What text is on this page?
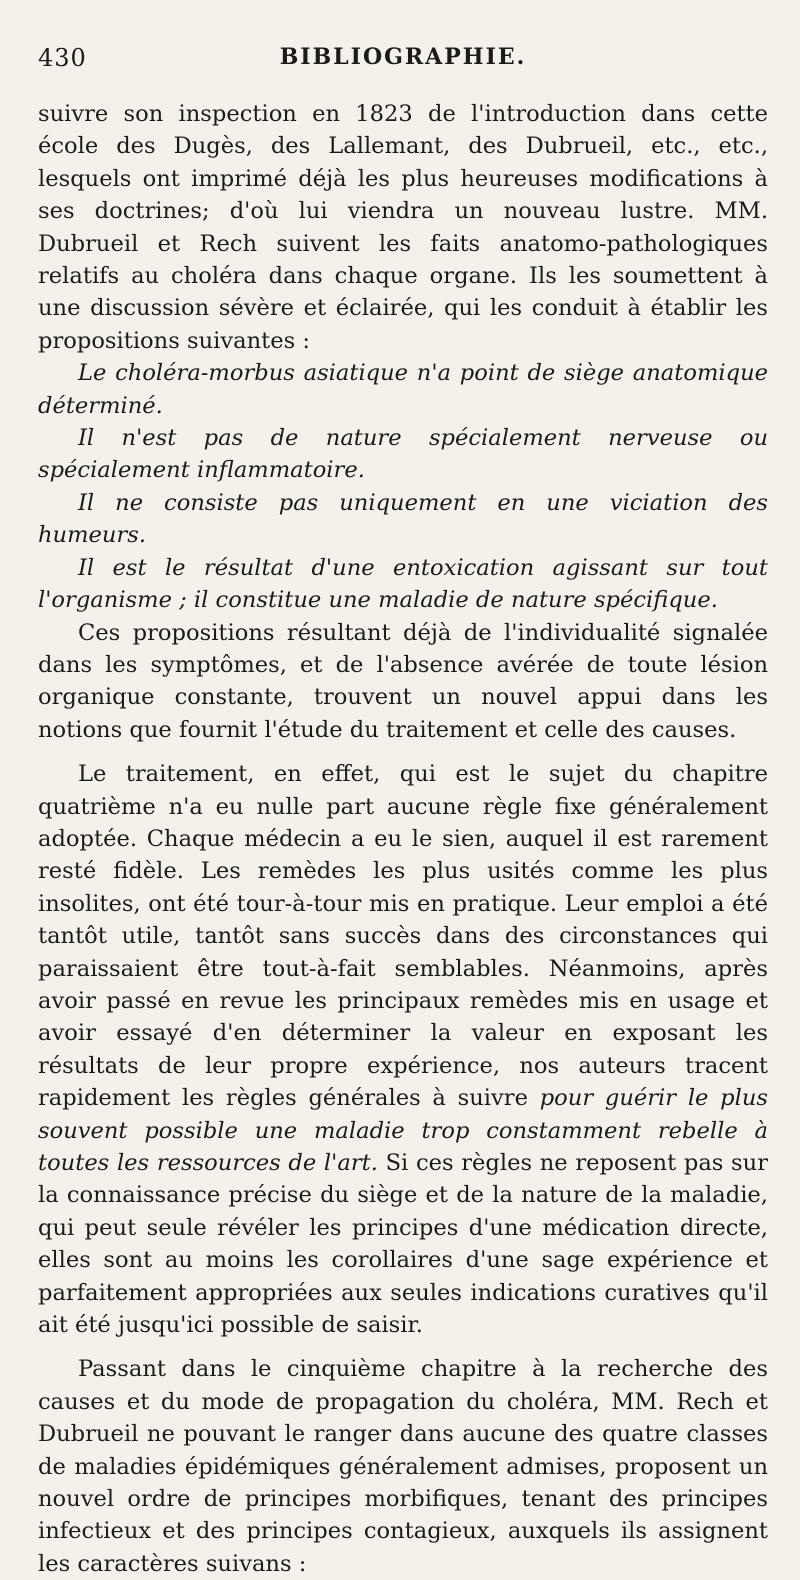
430	BIBLIOGRAPHIE.

suivre son inspection en 1823 de l'introduction dans cette école des Dugès, des Lallemant, des Dubrueil, etc., etc., lesquels ont imprimé déjà les plus heureuses modifications à ses doctrines; d'où lui viendra un nouveau lustre. MM. Dubrueil et Rech suivent les faits anatomo-pathologiques relatifs au choléra dans chaque organe. Ils les soumettent à une discussion sévère et éclairée, qui les conduit à établir les propositions suivantes :

Le choléra-morbus asiatique n'a point de siège anatomique déterminé.

Il n'est pas de nature spécialement nerveuse ou spécialement inflammatoire.

Il ne consiste pas uniquement en une viciation des humeurs.

Il est le résultat d'une entoxication agissant sur tout l'organisme ; il constitue une maladie de nature spécifique.

Ces propositions résultant déjà de l'individualité signalée dans les symptômes, et de l'absence avérée de toute lésion organique constante, trouvent un nouvel appui dans les notions que fournit l'étude du traitement et celle des causes.

Le traitement, en effet, qui est le sujet du chapitre quatrième n'a eu nulle part aucune règle fixe généralement adoptée. Chaque médecin a eu le sien, auquel il est rarement resté fidèle. Les remèdes les plus usités comme les plus insolites, ont été tour-à-tour mis en pratique. Leur emploi a été tantôt utile, tantôt sans succès dans des circonstances qui paraissaient être tout-à-fait semblables. Néanmoins, après avoir passé en revue les principaux remèdes mis en usage et avoir essayé d'en déterminer la valeur en exposant les résultats de leur propre expérience, nos auteurs tracent rapidement les règles générales à suivre pour guérir le plus souvent possible une maladie trop constamment rebelle à toutes les ressources de l'art. Si ces règles ne reposent pas sur la connaissance précise du siège et de la nature de la maladie, qui peut seule révéler les principes d'une médication directe, elles sont au moins les corollaires d'une sage expérience et parfaitement appropriées aux seules indications curatives qu'il ait été jusqu'ici possible de saisir.

Passant dans le cinquième chapitre à la recherche des causes et du mode de propagation du choléra, MM. Rech et Dubrueil ne pouvant le ranger dans aucune des quatre classes de maladies épidémiques généralement admises, proposent un nouvel ordre de principes morbifiques, tenant des principes infectieux et des principes contagieux, auxquels ils assignent les caractères suivans :
